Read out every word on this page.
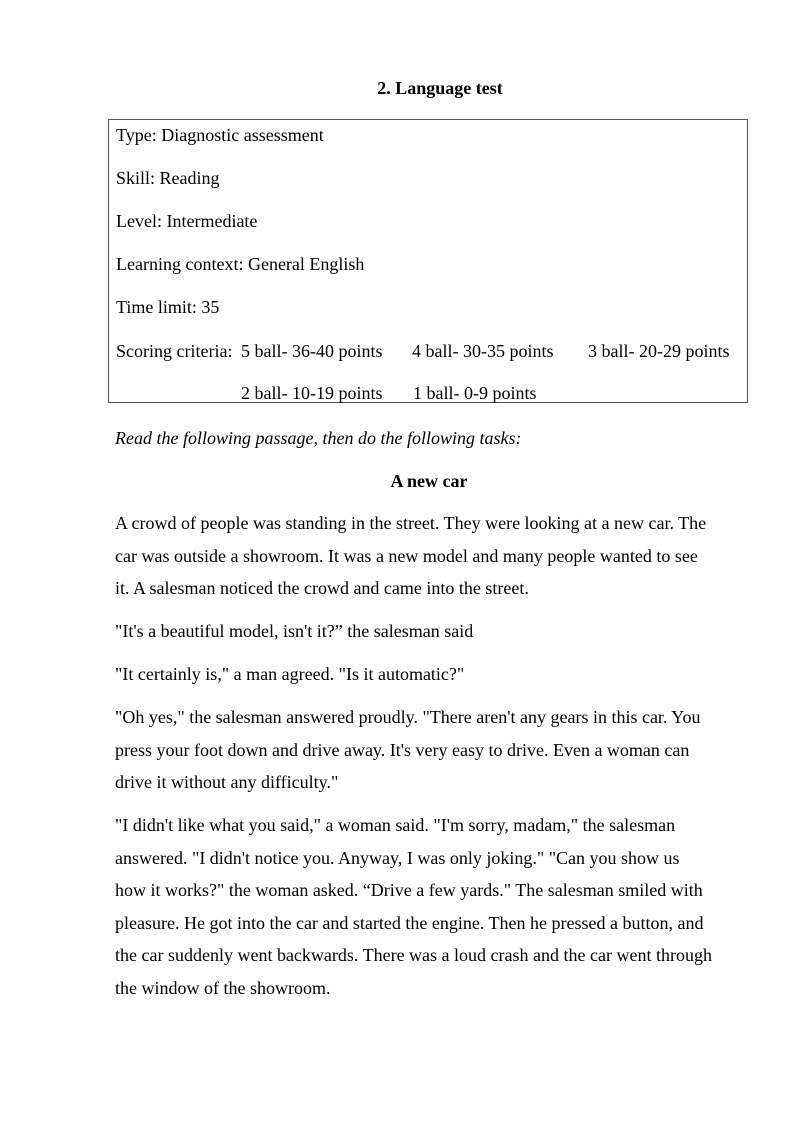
2. Language test
Type: Diagnostic assessment
Skill: Reading
Level: Intermediate
Learning context: General English
Time limit: 35
Scoring criteria: 5 ball- 36-40 points 4 ball- 30-35 points 3 ball- 20-29 points
2 ball- 10-19 points 1 ball- 0-9 points
Read the following passage, then do the following tasks:
A new car
A crowd of people was standing in the street. They were looking at a new car. The
car was outside a showroom. It was a new model and many people wanted to see
it. A salesman noticed the crowd and came into the street.
"It's a beautiful model, isn't it?” the salesman said
"It certainly is," a man agreed. "Is it automatic?"
"Oh yes," the salesman answered proudly. "There aren't any gears in this car. You
press your foot down and drive away. It's very easy to drive. Even a woman can
drive it without any difficulty."
"I didn't like what you said," a woman said. "I'm sorry, madam," the salesman
answered. "I didn't notice you. Anyway, I was only joking." "Can you show us
how it works?" the woman asked. “Drive a few yards." The salesman smiled with
pleasure. He got into the car and started the engine. Then he pressed a button, and
the car suddenly went backwards. There was a loud crash and the car went through
the window of the showroom.
